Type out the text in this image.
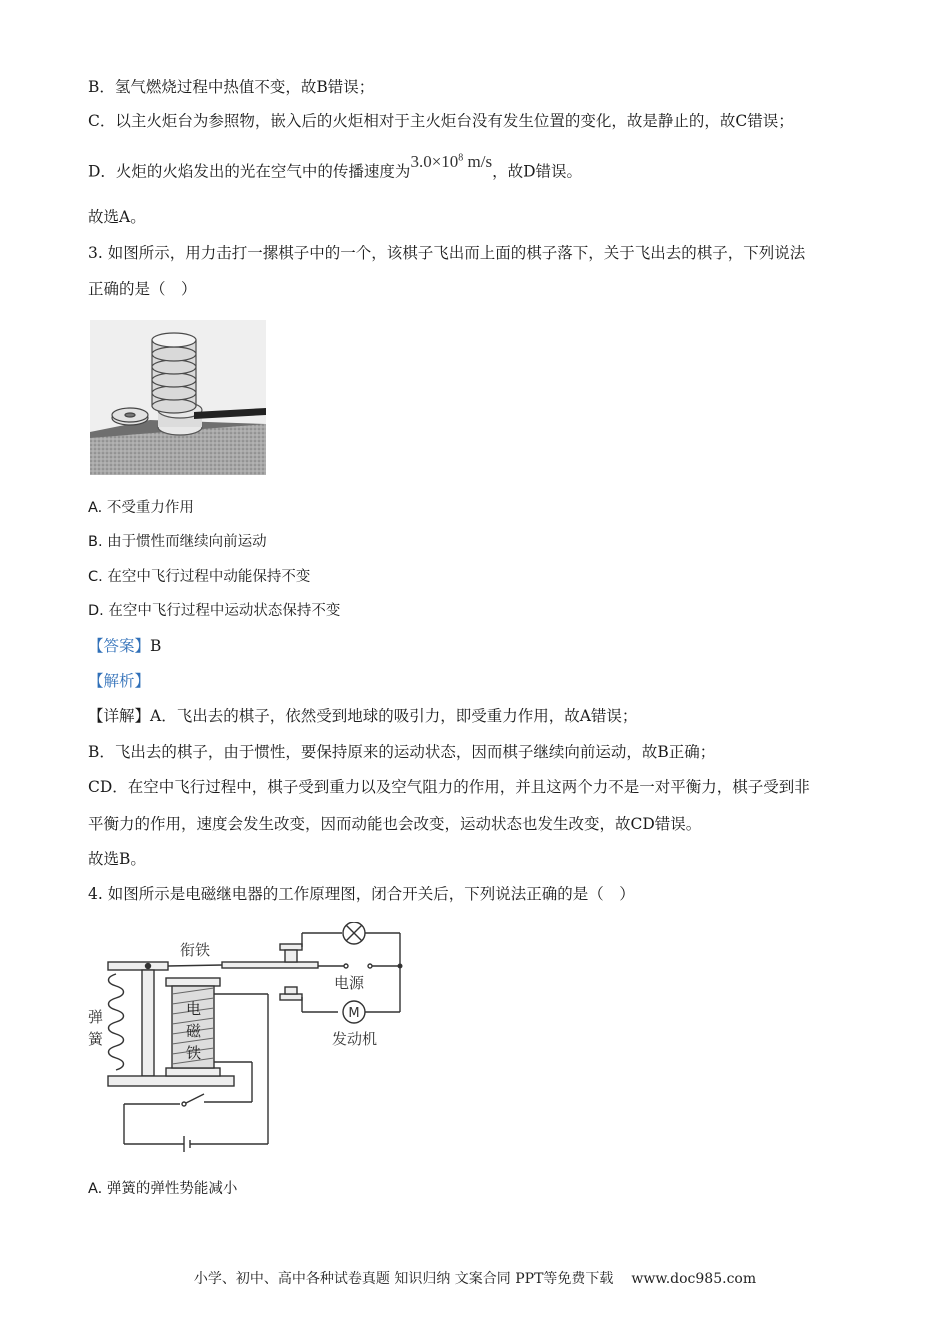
B．氢气燃烧过程中热值不变，故B错误；
C．以主火炬台为参照物，嵌入后的火炬相对于主火炬台没有发生位置的变化，故是静止的，故C错误；
D．火炬的火焰发出的光在空气中的传播速度为$3.0\times 10^8$ m/s，故D错误。
故选A。
3. 如图所示，用力击打一摞棋子中的一个，该棋子飞出而上面的棋子落下，关于飞出去的棋子，下列说法
正确的是（　）
A. 不受重力作用
B. 由于惯性而继续向前运动
C. 在空中飞行过程中动能保持不变
D. 在空中飞行过程中运动状态保持不变
【答案】B
【解析】
【详解】A．飞出去的棋子，依然受到地球的吸引力，即受重力作用，故A错误；
B．飞出去的棋子，由于惯性，要保持原来的运动状态，因而棋子继续向前运动，故B正确；
CD．在空中飞行过程中，棋子受到重力以及空气阻力的作用，并且这两个力不是一对平衡力，棋子受到非
平衡力的作用，速度会发生改变，因而动能也会改变，运动状态也发生改变，故CD错误。
故选B。
4. 如图所示是电磁继电器的工作原理图，闭合开关后，下列说法正确的是（　）
M
衔铁
电源
发动机
弹
簧
电
磁
铁
A. 弹簧的弹性势能减小
小学、初中、高中各种试卷真题 知识归纳 文案合同 PPT等免费下载 www.doc985.com
